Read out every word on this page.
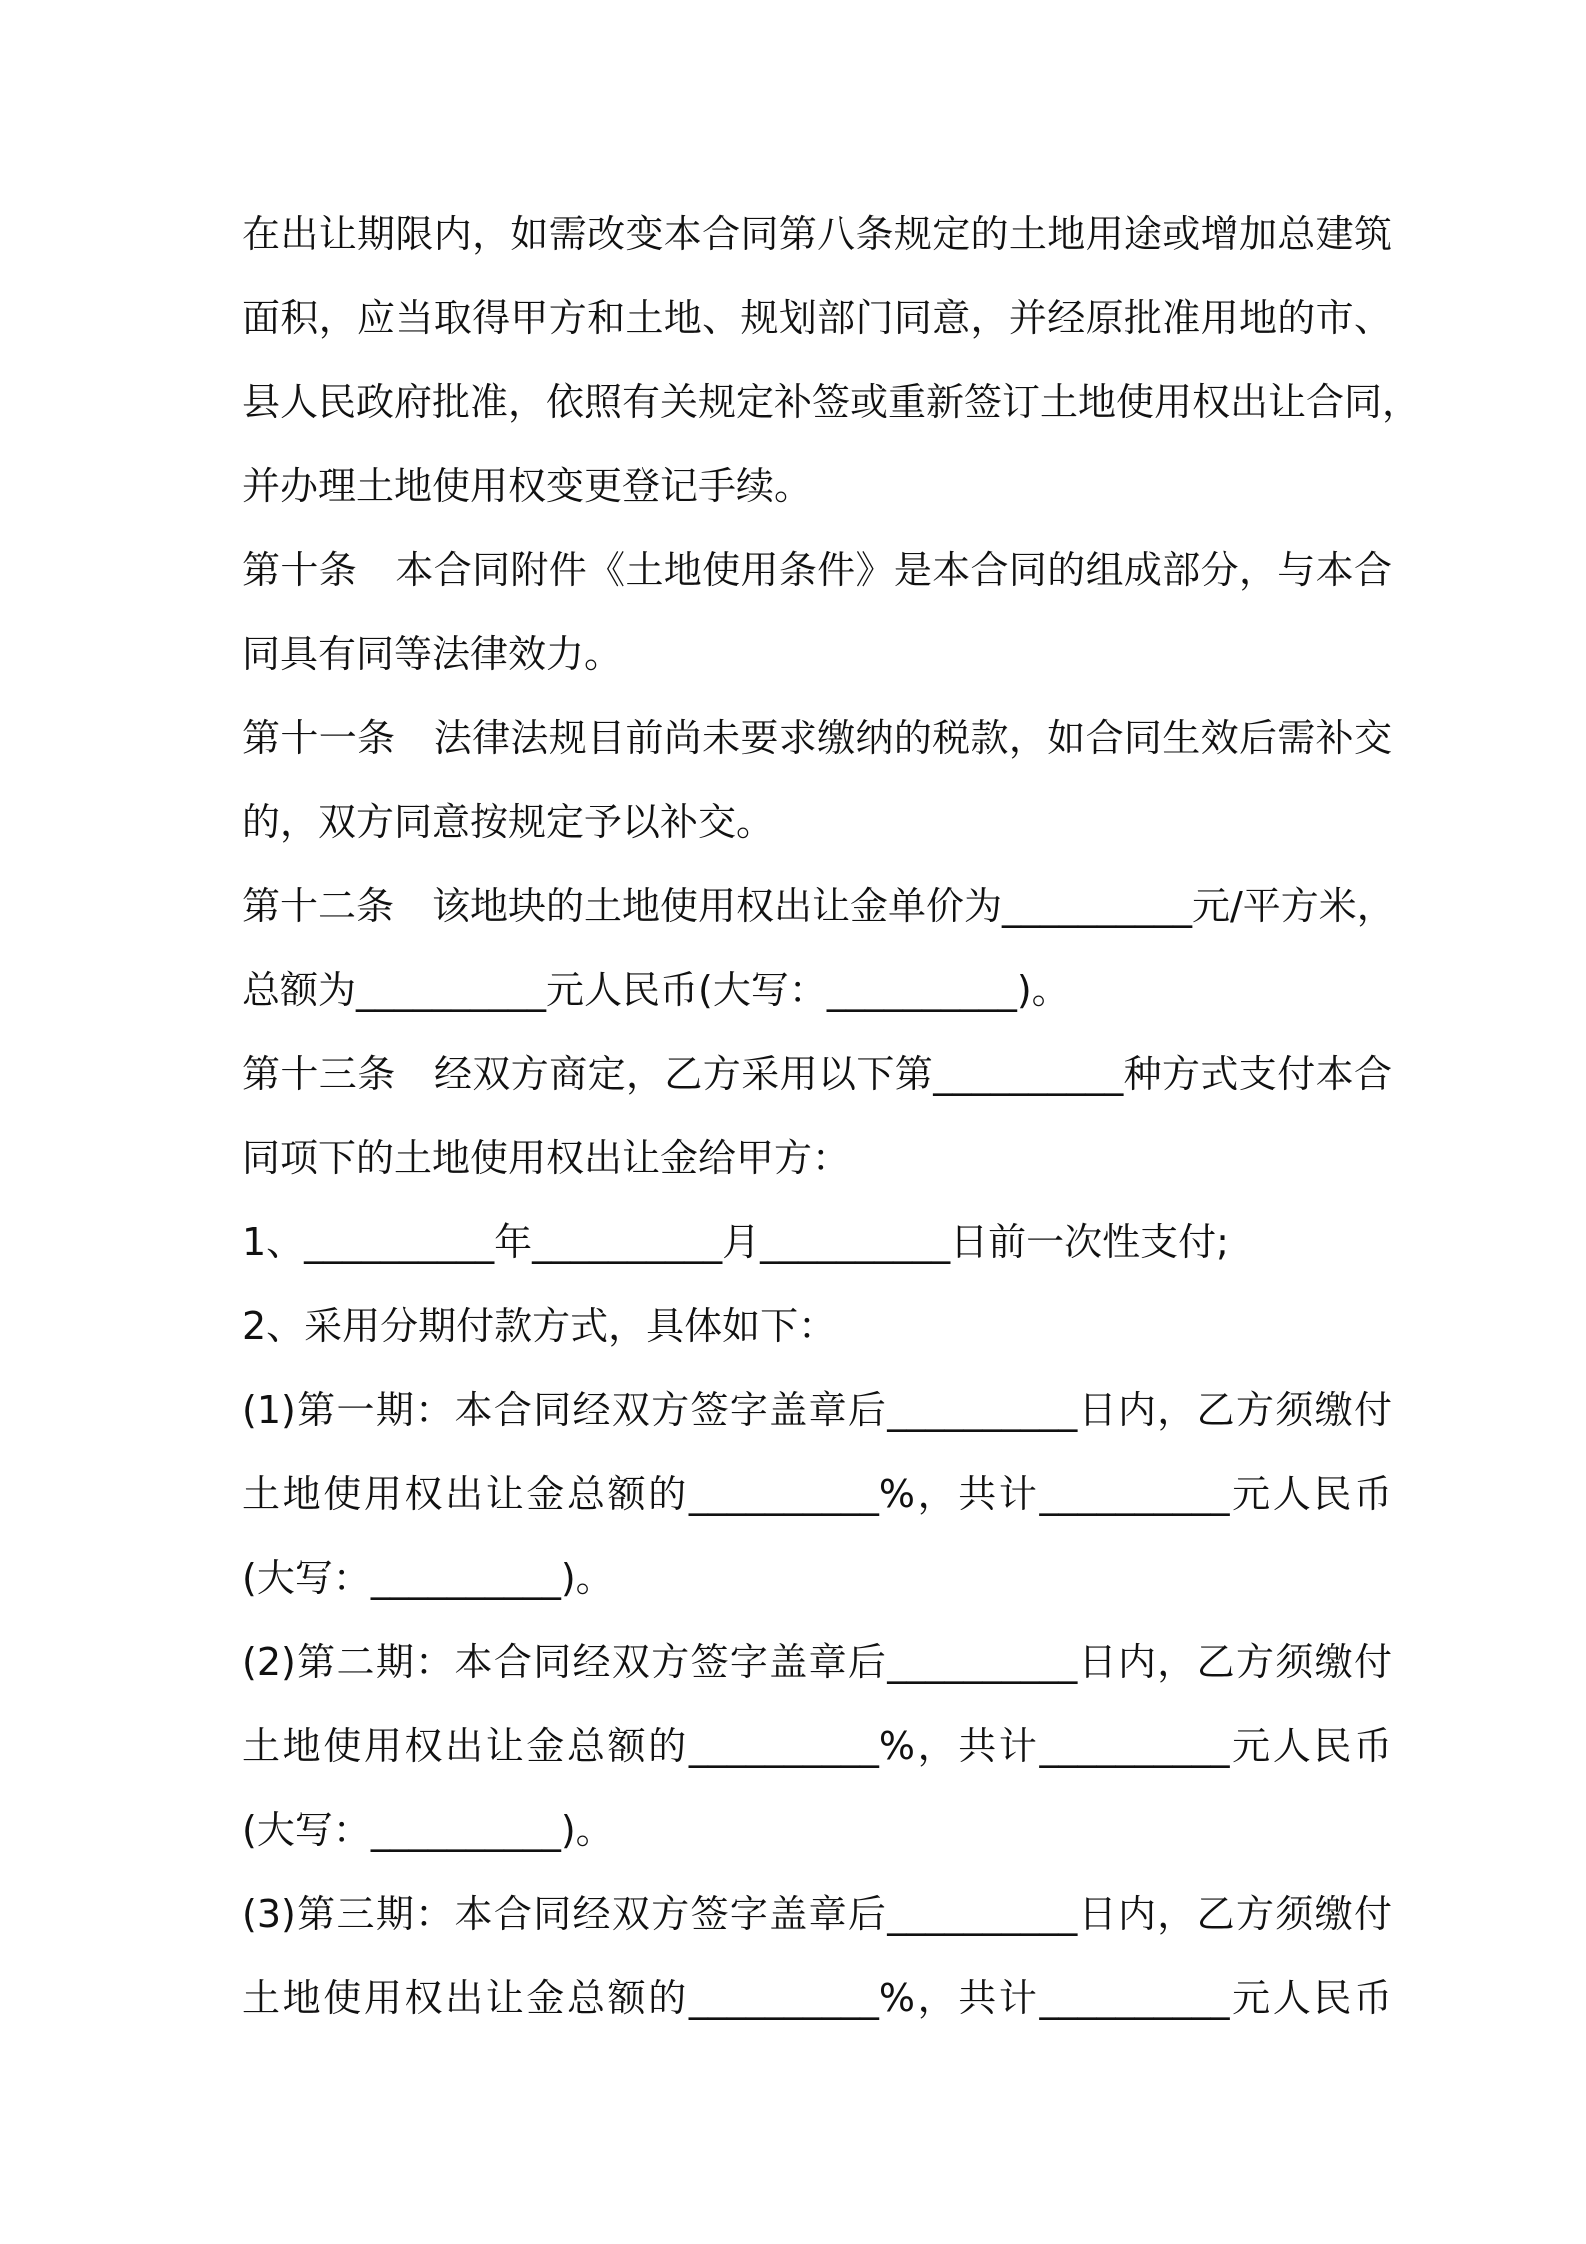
在出让期限内，如需改变本合同第八条规定的土地用途或增加总建筑
面积，应当取得甲方和土地、规划部门同意，并经原批准用地的市、
县人民政府批准，依照有关规定补签或重新签订土地使用权出让合同，
并办理土地使用权变更登记手续。
第十条　本合同附件《土地使用条件》是本合同的组成部分，与本合
同具有同等法律效力。
第十一条　法律法规目前尚未要求缴纳的税款，如合同生效后需补交
的，双方同意按规定予以补交。
第十二条　该地块的土地使用权出让金单价为__________元/平方米，
总额为__________元人民币(大写：__________)。
第十三条　经双方商定，乙方采用以下第__________种方式支付本合
同项下的土地使用权出让金给甲方：
1、__________年__________月__________日前一次性支付;
2、采用分期付款方式，具体如下：
(1)第一期：本合同经双方签字盖章后__________日内，乙方须缴付
土地使用权出让金总额的__________%，共计__________元人民币
(大写：__________)。
(2)第二期：本合同经双方签字盖章后__________日内，乙方须缴付
土地使用权出让金总额的__________%，共计__________元人民币
(大写：__________)。
(3)第三期：本合同经双方签字盖章后__________日内，乙方须缴付
土地使用权出让金总额的__________%，共计__________元人民币
